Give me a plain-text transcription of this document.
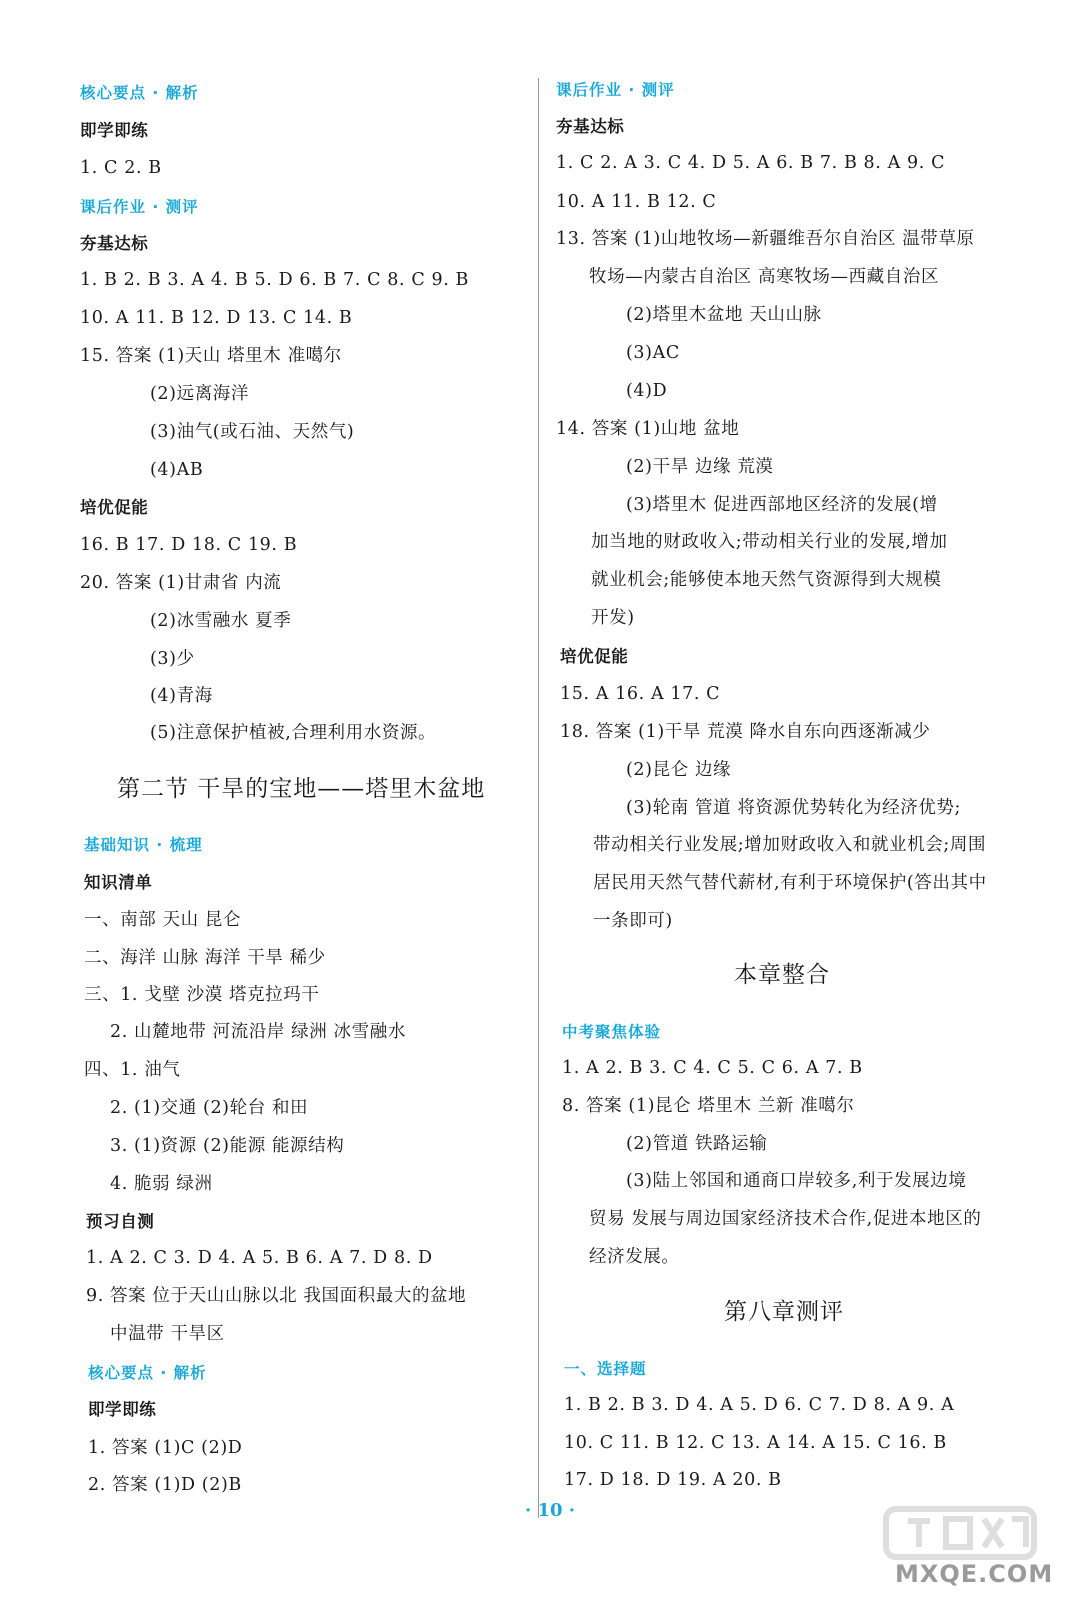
核心要点 · 解析
即学即练
1. C 2. B
课后作业 · 测评
夯基达标
1. B 2. B 3. A 4. B 5. D 6. B 7. C 8. C 9. B
10. A 11. B 12. D 13. C 14. B
15. 答案 (1)天山 塔里木 准噶尔
(2)远离海洋
(3)油气(或石油、天然气)
(4)AB
培优促能
16. B 17. D 18. C 19. B
20. 答案 (1)甘肃省 内流
(2)冰雪融水 夏季
(3)少
(4)青海
(5)注意保护植被,合理利用水资源。
第二节 干旱的宝地——塔里木盆地
基础知识 · 梳理
知识清单
一、南部 天山 昆仑
二、海洋 山脉 海洋 干旱 稀少
三、1. 戈壁 沙漠 塔克拉玛干
2. 山麓地带 河流沿岸 绿洲 冰雪融水
四、1. 油气
2. (1)交通 (2)轮台 和田
3. (1)资源 (2)能源 能源结构
4. 脆弱 绿洲
预习自测
1. A 2. C 3. D 4. A 5. B 6. A 7. D 8. D
9. 答案 位于天山山脉以北 我国面积最大的盆地
中温带 干旱区
核心要点 · 解析
即学即练
1. 答案 (1)C (2)D
2. 答案 (1)D (2)B
课后作业 · 测评
夯基达标
1. C 2. A 3. C 4. D 5. A 6. B 7. B 8. A 9. C
10. A 11. B 12. C
13. 答案 (1)山地牧场—新疆维吾尔自治区 温带草原
牧场—内蒙古自治区 高寒牧场—西藏自治区
(2)塔里木盆地 天山山脉
(3)AC
(4)D
14. 答案 (1)山地 盆地
(2)干旱 边缘 荒漠
(3)塔里木 促进西部地区经济的发展(增
加当地的财政收入;带动相关行业的发展,增加
就业机会;能够使本地天然气资源得到大规模
开发)
培优促能
15. A 16. A 17. C
18. 答案 (1)干旱 荒漠 降水自东向西逐渐减少
(2)昆仑 边缘
(3)轮南 管道 将资源优势转化为经济优势;
带动相关行业发展;增加财政收入和就业机会;周围
居民用天然气替代薪材,有利于环境保护(答出其中
一条即可)
本章整合
中考聚焦体验
1. A 2. B 3. C 4. C 5. C 6. A 7. B
8. 答案 (1)昆仑 塔里木 兰新 准噶尔
(2)管道 铁路运输
(3)陆上邻国和通商口岸较多,利于发展边境
贸易 发展与周边国家经济技术合作,促进本地区的
经济发展。
第八章测评
一、选择题
1. B 2. B 3. D 4. A 5. D 6. C 7. D 8. A 9. A
10. C 11. B 12. C 13. A 14. A 15. C 16. B
17. D 18. D 19. A 20. B
· 10 ·
MXQE.COM
